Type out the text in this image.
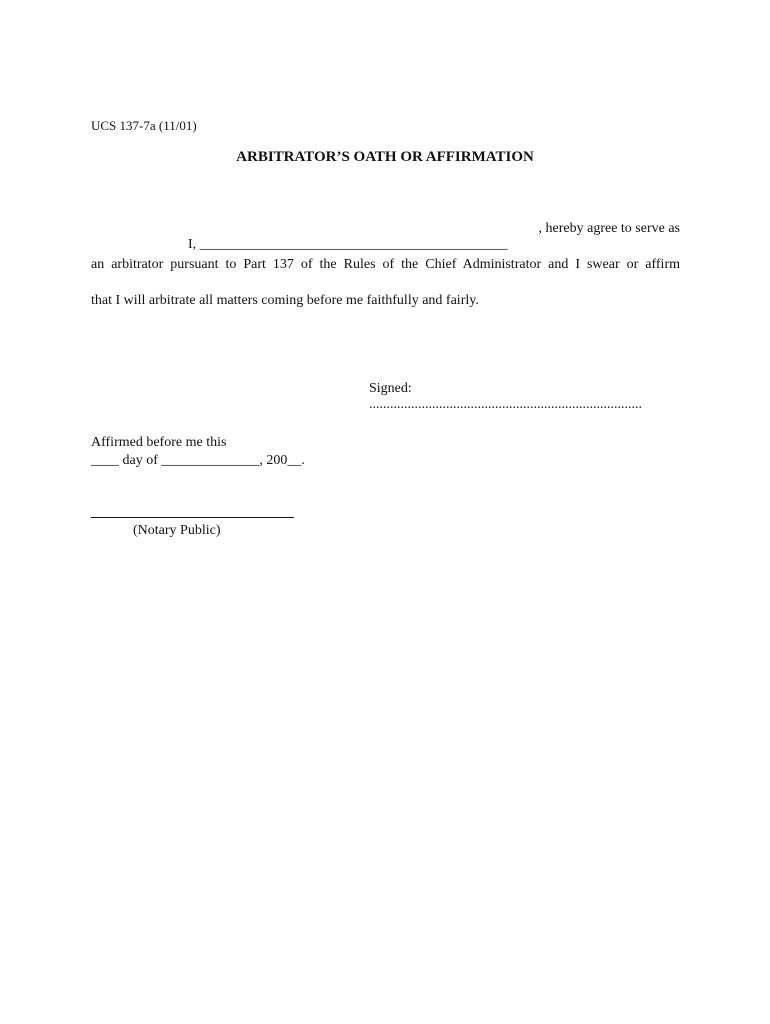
UCS 137-7a (11/01)
ARBITRATOR’S OATH OR AFFIRMATION

I, ____________________________________________
, hereby agree to serve as

an arbitrator pursuant to Part 137 of the Rules of the Chief Administrator and I swear or affirm
that I will arbitrate all matters coming before me faithfully and fairly.

Signed:
..............................................................................

Affirmed before me this
____ day of ______________, 200__.
(Notary Public)
